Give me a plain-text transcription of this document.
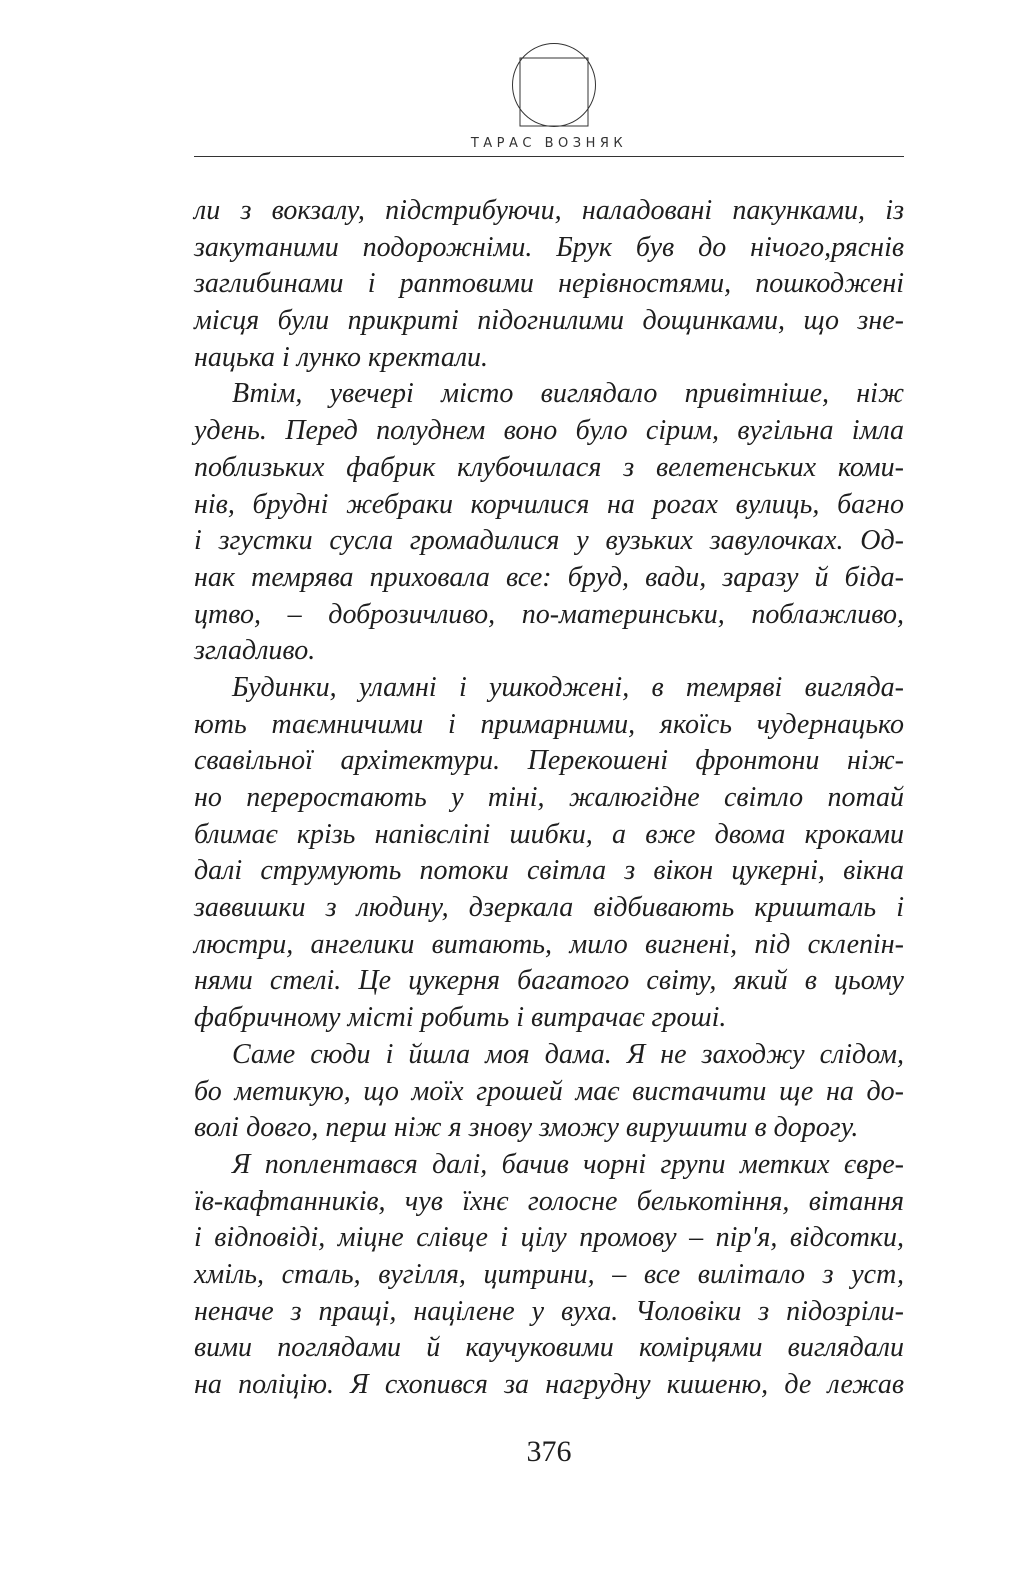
ТАРАС ВОЗНЯК
ли з вокзалу, підстрибуючи, наладовані пакунками, із
закутаними подорожніми. Брук був до нічого,ряснів
заглибинами і раптовими нерівностями, пошкоджені
місця були прикриті підогнилими дощинками, що зне-
нацька і лунко кректали.
Втім, увечері місто виглядало привітніше, ніж
удень. Перед полуднем воно було сірим, вугільна імла
поблизьких фабрик клубочилася з велетенських коми-
нів, брудні жебраки корчилися на рогах вулиць, багно
і згустки сусла громадилися у вузьких завулочках. Од-
нак темрява приховала все: бруд, вади, заразу й біда-
цтво, – доброзичливо, по-материнськи, поблажливо,
згладливо.
Будинки, уламні і ушкоджені, в темряві виглядa-
ють таємничими і примарними, якоїсь чудернацько
свавільної архітектури. Перекошені фронтони ніж-
но переростають у тіні, жалюгідне світло потай
блимає крізь напівсліпі шибки, а вже двома кроками
далі струмують потоки світла з вікон цукерні, вікна
заввишки з людину, дзеркала відбивають кришталь і
люстри, ангелики витають, мило вигнені, під склепін-
нями стелі. Це цукерня багатого світу, який в цьому
фабричному місті робить і витрачає гроші.
Саме сюди і йшла моя дама. Я не заходжу слідом,
бо метикую, що моїх грошей має вистачити ще на до-
волі довго, перш ніж я знову зможу вирушити в дорогу.
Я поплентався далі, бачив чорні групи метких євре-
їв-кафтанників, чув їхнє голосне белькотіння, вітання
і відповіді, міцне слівце і цілу промову – пір'я, відсотки,
хміль, сталь, вугілля, цитрини, – все вилітало з уст,
неначе з пращі, націлене у вуха. Чоловіки з підозріли-
вими поглядами й каучуковими комірцями виглядали
на поліцію. Я схопився за нагрудну кишеню, де лежав
376
